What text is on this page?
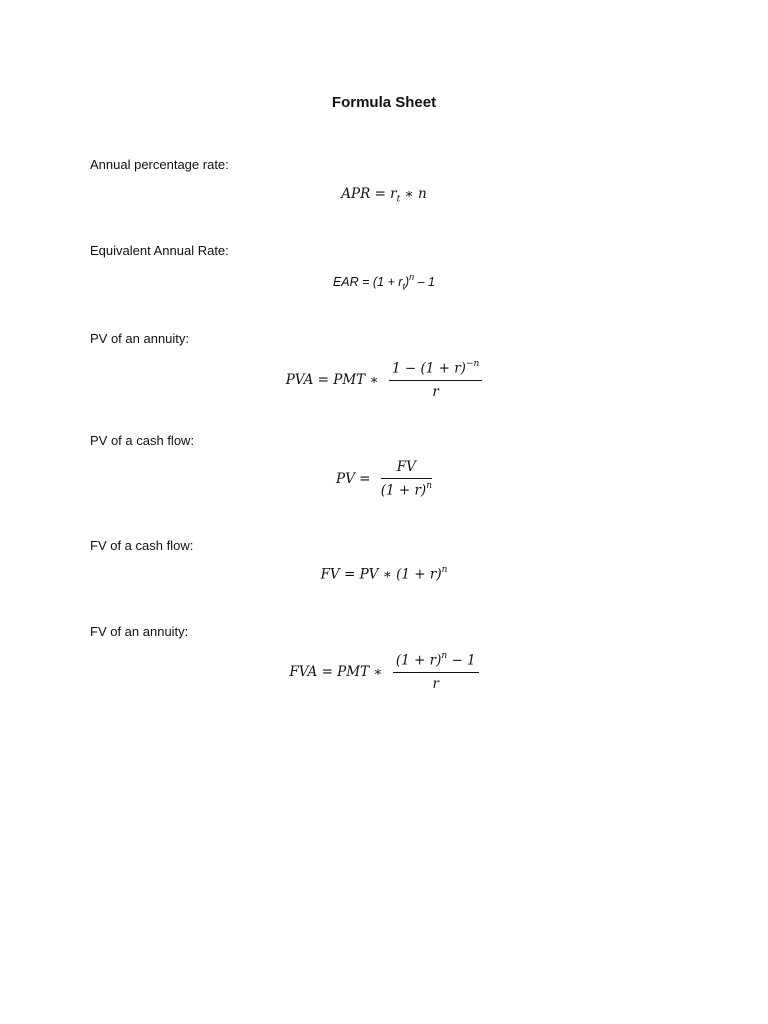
Formula Sheet
Annual percentage rate:
APR = $r_t$ ∗ n
Equivalent Annual Rate:
EAR = $(1 + r_t)^n - 1$
PV of an annuity:
PVA = PMT ∗ $\frac{1 - (1 + r)^{-n}}{r}$
PV of a cash flow:
PV = $\frac{FV}{(1 + r)^n}$
FV of a cash flow:
FV = PV ∗ $(1 + r)^n$
FV of an annuity:
FVA = PMT ∗ $\frac{(1 + r)^n - 1}{r}$
